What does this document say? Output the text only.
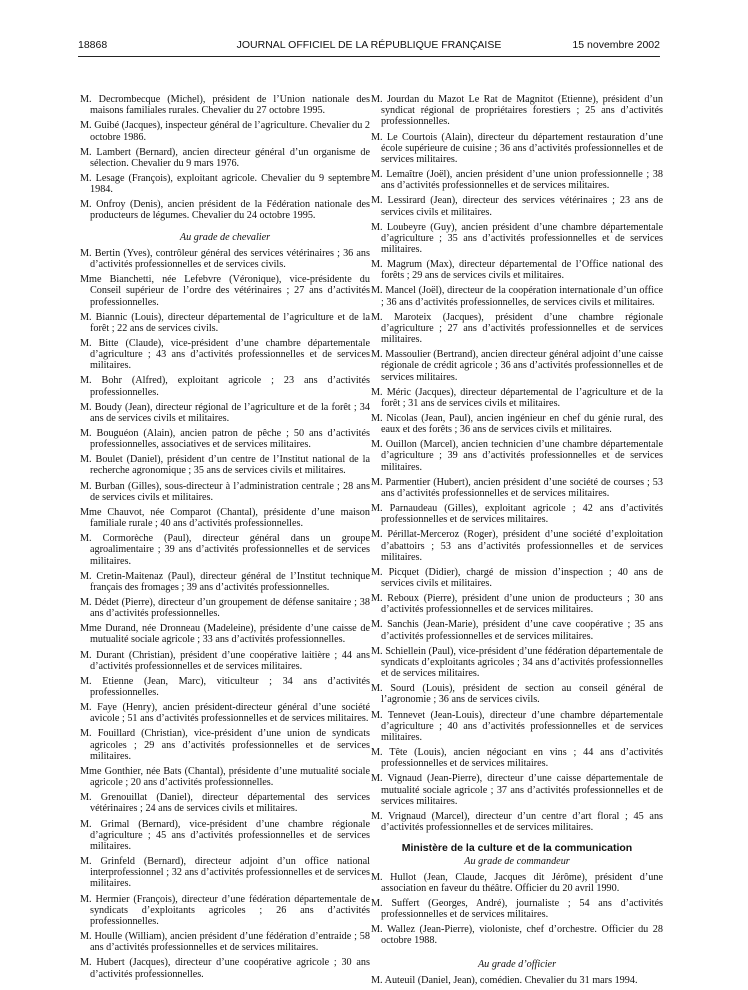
18868	JOURNAL OFFICIEL DE LA RÉPUBLIQUE FRANÇAISE	15 novembre 2002

M. Decrombecque (Michel), président de l’Union nationale des maisons familiales rurales. Chevalier du 27 octobre 1995.

M. Guibé (Jacques), inspecteur général de l’agriculture. Chevalier du 2 octobre 1986.

M. Lambert (Bernard), ancien directeur général d’un organisme de sélection. Chevalier du 9 mars 1976.

M. Lesage (François), exploitant agricole. Chevalier du 9 septembre 1984.

M. Onfroy (Denis), ancien président de la Fédération nationale des producteurs de légumes. Chevalier du 24 octobre 1995.

Au grade de chevalier

M. Bertin (Yves), contrôleur général des services vétérinaires ; 36 ans d’activités professionnelles et de services civils.

Mme Bianchetti, née Lefebvre (Véronique), vice-présidente du Conseil supérieur de l’ordre des vétérinaires ; 27 ans d’activités professionnelles.

M. Biannic (Louis), directeur départemental de l’agriculture et de la forêt ; 22 ans de services civils.

M. Bitte (Claude), vice-président d’une chambre départementale d’agriculture ; 43 ans d’activités professionnelles et de services militaires.

M. Bohr (Alfred), exploitant agricole ; 23 ans d’activités professionnelles.

M. Boudy (Jean), directeur régional de l’agriculture et de la forêt ; 34 ans de services civils et militaires.

M. Bouguéon (Alain), ancien patron de pêche ; 50 ans d’activités professionnelles, associatives et de services militaires.

M. Boulet (Daniel), président d’un centre de l’Institut national de la recherche agronomique ; 35 ans de services civils et militaires.

M. Burban (Gilles), sous-directeur à l’administration centrale ; 28 ans de services civils et militaires.

Mme Chauvot, née Comparot (Chantal), présidente d’une maison familiale rurale ; 40 ans d’activités professionnelles.

M. Cormorèche (Paul), directeur général dans un groupe agroalimentaire ; 39 ans d’activités professionnelles et de services militaires.

M. Cretin-Maitenaz (Paul), directeur général de l’Institut technique français des fromages ; 39 ans d’activités professionnelles.

M. Dédet (Pierre), directeur d’un groupement de défense sanitaire ; 38 ans d’activités professionnelles.

Mme Durand, née Dronneau (Madeleine), présidente d’une caisse de mutualité sociale agricole ; 33 ans d’activités professionnelles.

M. Durant (Christian), président d’une coopérative laitière ; 44 ans d’activités professionnelles et de services militaires.

M. Etienne (Jean, Marc), viticulteur ; 34 ans d’activités professionnelles.

M. Faye (Henry), ancien président-directeur général d’une société avicole ; 51 ans d’activités professionnelles et de services militaires.

M. Fouillard (Christian), vice-président d’une union de syndicats agricoles ; 29 ans d’activités professionnelles et de services militaires.

Mme Gonthier, née Bats (Chantal), présidente d’une mutualité sociale agricole ; 20 ans d’activités professionnelles.

M. Grenouillat (Daniel), directeur départemental des services vétérinaires ; 24 ans de services civils et militaires.

M. Grimal (Bernard), vice-président d’une chambre régionale d’agriculture ; 45 ans d’activités professionnelles et de services militaires.

M. Grinfeld (Bernard), directeur adjoint d’un office national interprofessionnel ; 32 ans d’activités professionnelles et de services militaires.

M. Hermier (François), directeur d’une fédération départementale de syndicats d’exploitants agricoles ; 26 ans d’activités professionnelles.

M. Houlle (William), ancien président d’une fédération d’entraide ; 58 ans d’activités professionnelles et de services militaires.

M. Hubert (Jacques), directeur d’une coopérative agricole ; 30 ans d’activités professionnelles.

M. Jourdan du Mazot Le Rat de Magnitot (Etienne), président d’un syndicat régional de propriétaires forestiers ; 25 ans d’activités professionnelles.

M. Le Courtois (Alain), directeur du département restauration d’une école supérieure de cuisine ; 36 ans d’activités professionnelles et de services militaires.

M. Lemaître (Joël), ancien président d’une union professionnelle ; 38 ans d’activités professionnelles et de services militaires.

M. Lessirard (Jean), directeur des services vétérinaires ; 23 ans de services civils et militaires.

M. Loubeyre (Guy), ancien président d’une chambre départementale d’agriculture ; 35 ans d’activités professionnelles et de services militaires.

M. Magrum (Max), directeur départemental de l’Office national des forêts ; 29 ans de services civils et militaires.

M. Mancel (Joël), directeur de la coopération internationale d’un office ; 36 ans d’activités professionnelles, de services civils et militaires.

M. Maroteix (Jacques), président d’une chambre régionale d’agriculture ; 27 ans d’activités professionnelles et de services militaires.

M. Massoulier (Bertrand), ancien directeur général adjoint d’une caisse régionale de crédit agricole ; 36 ans d’activités professionnelles et de services militaires.

M. Méric (Jacques), directeur départemental de l’agriculture et de la forêt ; 31 ans de services civils et militaires.

M. Nicolas (Jean, Paul), ancien ingénieur en chef du génie rural, des eaux et des forêts ; 36 ans de services civils et militaires.

M. Ouillon (Marcel), ancien technicien d’une chambre départementale d’agriculture ; 39 ans d’activités professionnelles et de services militaires.

M. Parmentier (Hubert), ancien président d’une société de courses ; 53 ans d’activités professionnelles et de services militaires.

M. Parnaudeau (Gilles), exploitant agricole ; 42 ans d’activités professionnelles et de services militaires.

M. Périllat-Merceroz (Roger), président d’une société d’exploitation d’abattoirs ; 53 ans d’activités professionnelles et de services militaires.

M. Picquet (Didier), chargé de mission d’inspection ; 40 ans de services civils et militaires.

M. Reboux (Pierre), président d’une union de producteurs ; 30 ans d’activités professionnelles et de services militaires.

M. Sanchis (Jean-Marie), président d’une cave coopérative ; 35 ans d’activités professionnelles et de services militaires.

M. Schiellein (Paul), vice-président d’une fédération départementale de syndicats d’exploitants agricoles ; 34 ans d’activités professionnelles et de services militaires.

M. Sourd (Louis), président de section au conseil général de l’agronomie ; 36 ans de services civils.

M. Tennevet (Jean-Louis), directeur d’une chambre départementale d’agriculture ; 40 ans d’activités professionnelles et de services militaires.

M. Tête (Louis), ancien négociant en vins ; 44 ans d’activités professionnelles et de services militaires.

M. Vignaud (Jean-Pierre), directeur d’une caisse départementale de mutualité sociale agricole ; 37 ans d’activités professionnelles et de services militaires.

M. Vrignaud (Marcel), directeur d’un centre d’art floral ; 45 ans d’activités professionnelles et de services militaires.

Ministère de la culture et de la communication
Au grade de commandeur

M. Hullot (Jean, Claude, Jacques dit Jérôme), président d’une association en faveur du théâtre. Officier du 20 avril 1990.

M. Suffert (Georges, André), journaliste ; 54 ans d’activités professionnelles et de services militaires.

M. Wallez (Jean-Pierre), violoniste, chef d’orchestre. Officier du 28 octobre 1988.

Au grade d’officier

M. Auteuil (Daniel, Jean), comédien. Chevalier du 31 mars 1994.
